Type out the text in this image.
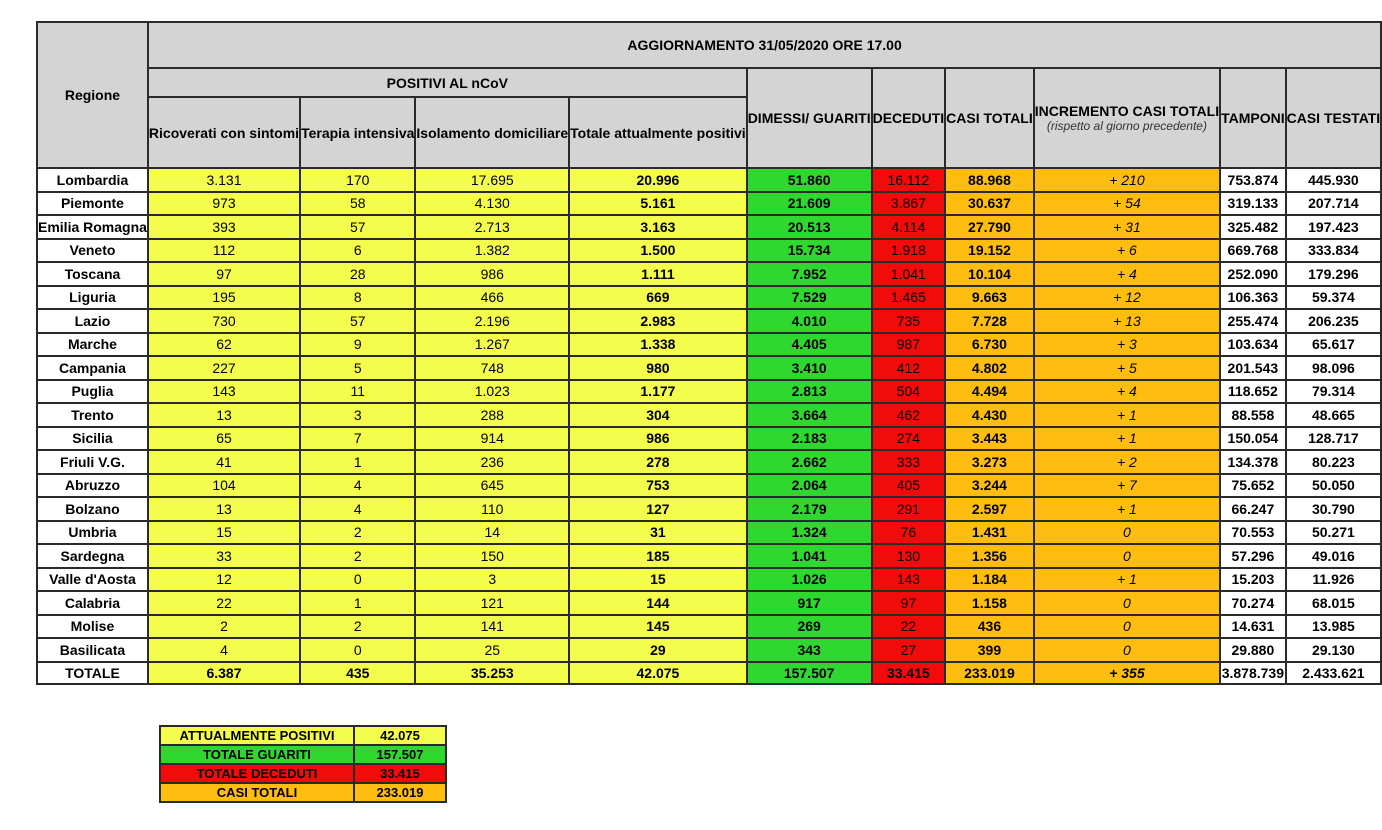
Regione	AGGIORNAMENTO 31/05/2020 ORE 17.00									
	POSITIVI AL nCoV				DIMESSI/ GUARITI	DECEDUTI	CASI TOTALI	INCREMENTO CASI TOTALI
(rispetto al giorno precedente)	TAMPONI	CASI TESTATI
	Ricoverati con sintomi	Terapia intensiva	Isolamento domiciliare	Totale attualmente positivi						
Lombardia	3.131	170	17.695	20.996	51.860	16.112	88.968	+ 210	753.874	445.930
Piemonte	973	58	4.130	5.161	21.609	3.867	30.637	+ 54	319.133	207.714
Emilia Romagna	393	57	2.713	3.163	20.513	4.114	27.790	+ 31	325.482	197.423
Veneto	112	6	1.382	1.500	15.734	1.918	19.152	+ 6	669.768	333.834
Toscana	97	28	986	1.111	7.952	1.041	10.104	+ 4	252.090	179.296
Liguria	195	8	466	669	7.529	1.465	9.663	+ 12	106.363	59.374
Lazio	730	57	2.196	2.983	4.010	735	7.728	+ 13	255.474	206.235
Marche	62	9	1.267	1.338	4.405	987	6.730	+ 3	103.634	65.617
Campania	227	5	748	980	3.410	412	4.802	+ 5	201.543	98.096
Puglia	143	11	1.023	1.177	2.813	504	4.494	+ 4	118.652	79.314
Trento	13	3	288	304	3.664	462	4.430	+ 1	88.558	48.665
Sicilia	65	7	914	986	2.183	274	3.443	+ 1	150.054	128.717
Friuli V.G.	41	1	236	278	2.662	333	3.273	+ 2	134.378	80.223
Abruzzo	104	4	645	753	2.064	405	3.244	+ 7	75.652	50.050
Bolzano	13	4	110	127	2.179	291	2.597	+ 1	66.247	30.790
Umbria	15	2	14	31	1.324	76	1.431	0	70.553	50.271
Sardegna	33	2	150	185	1.041	130	1.356	0	57.296	49.016
Valle d'Aosta	12	0	3	15	1.026	143	1.184	+ 1	15.203	11.926
Calabria	22	1	121	144	917	97	1.158	0	70.274	68.015
Molise	2	2	141	145	269	22	436	0	14.631	13.985
Basilicata	4	0	25	29	343	27	399	0	29.880	29.130
TOTALE	6.387	435	35.253	42.075	157.507	33.415	233.019	+ 355	3.878.739	2.433.621
ATTUALMENTE POSITIVI	42.075
TOTALE GUARITI	157.507
TOTALE DECEDUTI	33.415
CASI TOTALI	233.019
